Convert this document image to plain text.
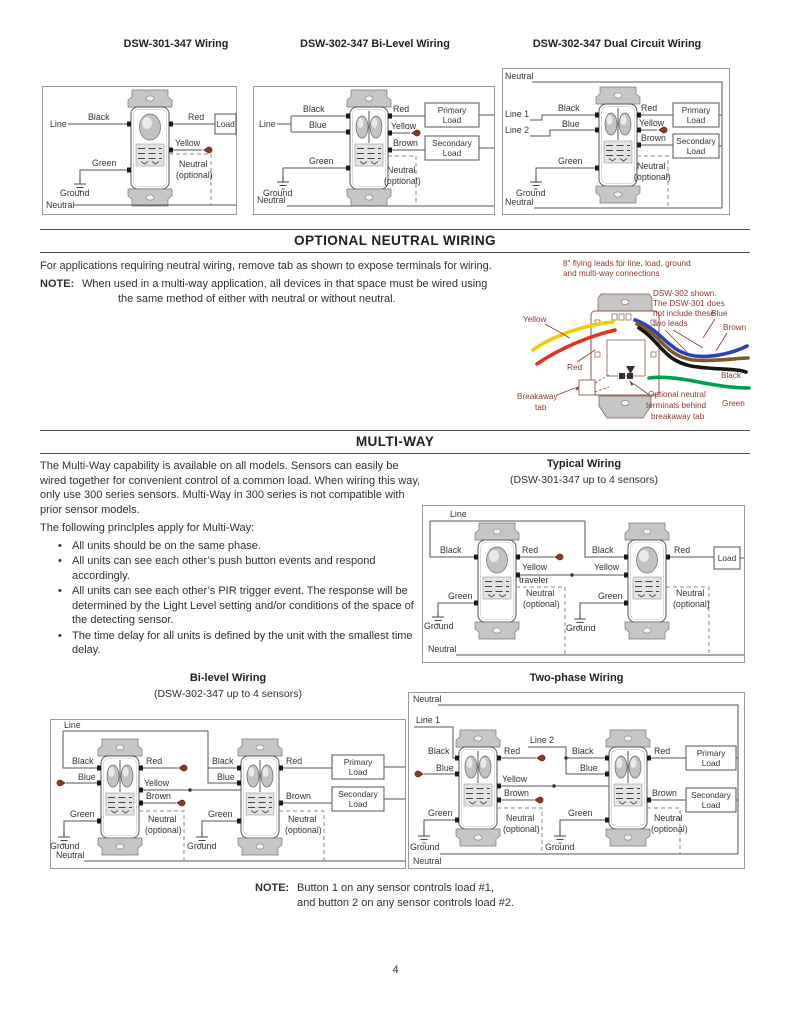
DSW-301-347 Wiring	DSW-302-347 Bi-Level Wiring	DSW-302-347 Dual Circuit Wiring
Load
Line
Black	Red
Yellow
Green	Neutral
(optional)
Ground
Neutral
Primary
Load
Secondary
Load
Line
Black
Blue
Red
Yellow
Brown
Green
Neutral
(optional)
Ground
Neutral
Primary
Load
Secondary
Load
Neutral
Line 1
Line 2
Black
Blue
Red
Yellow
Brown
Green	Neutral
(optional)
Ground
Neutral
OPTIONAL NEUTRAL WIRING
For applications requiring neutral wiring, remove tab as shown to expose terminals for wiring.
NOTE: When used in a multi-way application, all devices in that space must be wired using
the same method of either with neutral or without neutral.
8" flying leads for line, load, ground
and multi-way connections
DSW-302 shown.
The DSW-301 does
not include these
two leads
Yellow
Red
Blue
Brown
Black
Green
Breakaway
tab
Optional neutral
terminals behind
breakaway tab
MULTI-WAY
The Multi-Way capability is available on all models. Sensors can easily be wired together for convenient control of a common load. When wiring this way, only use 300 series sensors. Multi-Way in 300 series is not compatible with prior sensor models.
The following princlples apply for Multi-Way:
• All units should be on the same phase.
• All units can see each other’s push button events and respond accordingly.
• All units can see each other’s PIR trigger event. The response will be determined by the Light Level setting and/or conditions of the space of the detecting sensor.
• The time delay for all units is defined by the unit with the smallest time delay.
Typical Wiring
(DSW-301-347 up to 4 sensors)
Load
Line
Black	Red
Yellow
traveler
Black
Yellow
Red
Green	Green
Neutral
(optional)
Neutral
(optional)
Ground	Ground
Neutral
Bi-level Wiring
(DSW-302-347 up to 4 sensors)
Primary
Load
Secondary
Load
Line
Black
Blue
Red
Yellow
Brown
Green
Black
Blue
Red
Brown
Green
Neutral
(optional)
Neutral
(optional)
Ground	Ground
Neutral
Two-phase Wiring
Primary
Load
Secondary
Load
Neutral
Line 1
Line 2
Black
Blue
Red
Yellow
Brown
Green
Black
Blue
Red
Brown
Green
Neutral
(optional)
Neutral
(optional)
Ground	Ground
Neutral
NOTE: Button 1 on any sensor controls load #1,
and button 2 on any sensor controls load #2.
4
